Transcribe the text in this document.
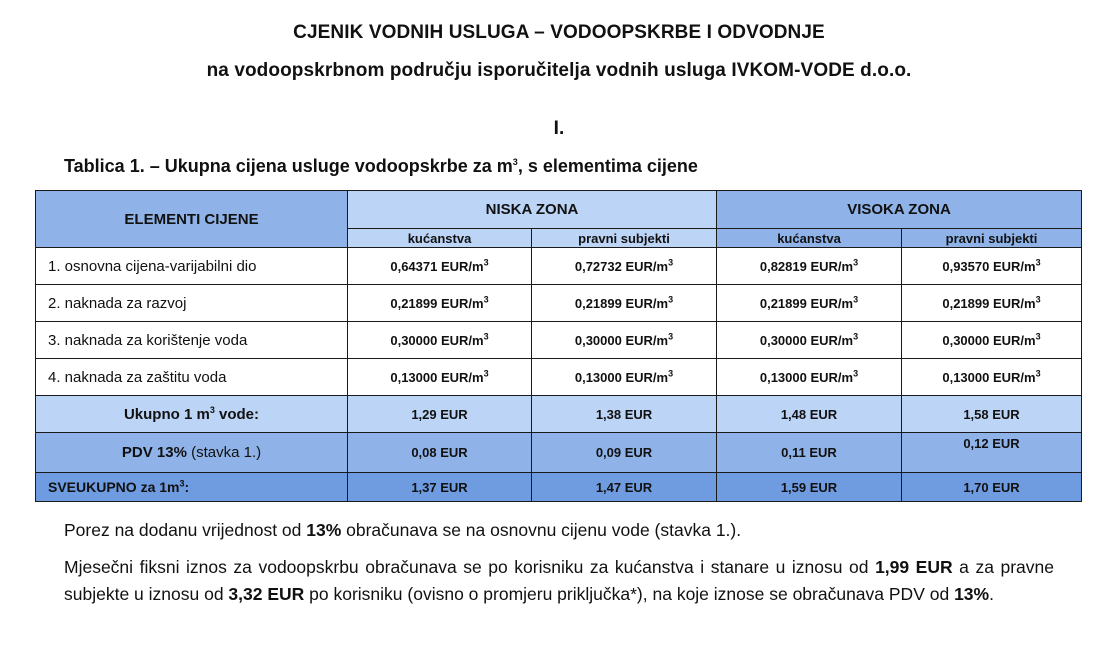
CJENIK VODNIH USLUGA – VODOOPSKRBE I ODVODNJE
na vodoopskrbnom području isporučitelja vodnih usluga IVKOM-VODE d.o.o.
I.
Tablica 1. – Ukupna cijena usluge vodoopskrbe za $m^3$, s elementima cijene
ELEMENTI CIJENE	NISKA ZONA		VISOKA ZONA	
	kućanstva	pravni subjekti	kućanstva	pravni subjekti
1. osnovna cijena-varijabilni dio	0,64371 EUR/$m^3$	0,72732 EUR/$m^3$	0,82819 EUR/$m^3$	0,93570 EUR/$m^3$
2. naknada za razvoj	0,21899 EUR/$m^3$	0,21899 EUR/$m^3$	0,21899 EUR/$m^3$	0,21899 EUR/$m^3$
3. naknada za korištenje voda	0,30000 EUR/$m^3$	0,30000 EUR/$m^3$	0,30000 EUR/$m^3$	0,30000 EUR/$m^3$
4. naknada za zaštitu voda	0,13000 EUR/$m^3$	0,13000 EUR/$m^3$	0,13000 EUR/$m^3$	0,13000 EUR/$m^3$
Ukupno 1 $m^3$ vode:	1,29 EUR	1,38 EUR	1,48 EUR	1,58 EUR
PDV 13% (stavka 1.)	0,08 EUR	0,09 EUR	0,11 EUR	0,12 EUR
SVEUKUPNO za $1m^3$:	1,37 EUR	1,47 EUR	1,59 EUR	1,70 EUR
Porez na dodanu vrijednost od 13% obračunava se na osnovnu cijenu vode (stavka 1.).
Mjesečni fiksni iznos za vodoopskrbu obračunava se po korisniku za kućanstva i stanare u iznosu od 1,99 EUR a za pravne subjekte u iznosu od 3,32 EUR po korisniku (ovisno o promjeru priključka*), na koje iznose se obračunava PDV od 13%.
